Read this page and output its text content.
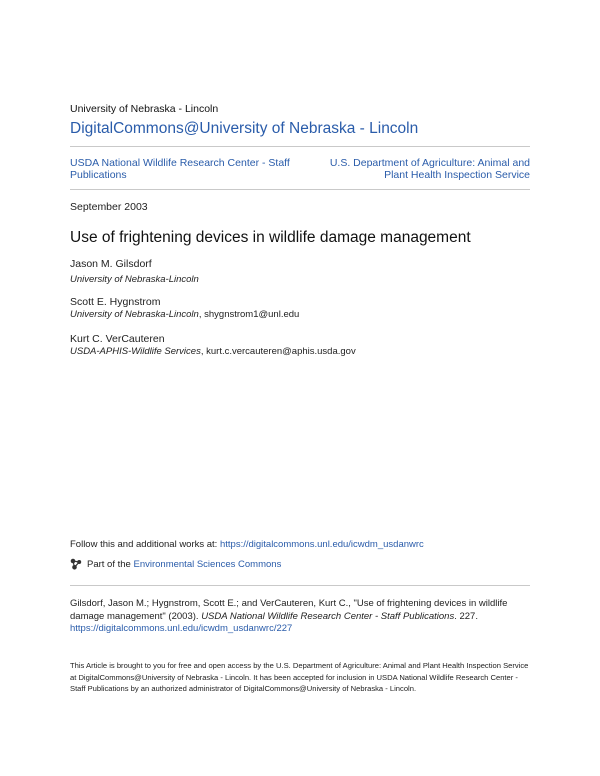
University of Nebraska - Lincoln
DigitalCommons@University of Nebraska - Lincoln
USDA National Wildlife Research Center - Staff Publications
U.S. Department of Agriculture: Animal and Plant Health Inspection Service
September 2003
Use of frightening devices in wildlife damage management
Jason M. Gilsdorf
University of Nebraska-Lincoln
Scott E. Hygnstrom
University of Nebraska-Lincoln, shygnstrom1@unl.edu
Kurt C. VerCauteren
USDA-APHIS-Wildlife Services, kurt.c.vercauteren@aphis.usda.gov
Follow this and additional works at: https://digitalcommons.unl.edu/icwdm_usdanwrc
Part of the Environmental Sciences Commons
Gilsdorf, Jason M.; Hygnstrom, Scott E.; and VerCauteren, Kurt C., "Use of frightening devices in wildlife damage management" (2003). USDA National Wildlife Research Center - Staff Publications. 227.
https://digitalcommons.unl.edu/icwdm_usdanwrc/227
This Article is brought to you for free and open access by the U.S. Department of Agriculture: Animal and Plant Health Inspection Service at DigitalCommons@University of Nebraska - Lincoln. It has been accepted for inclusion in USDA National Wildlife Research Center - Staff Publications by an authorized administrator of DigitalCommons@University of Nebraska - Lincoln.
